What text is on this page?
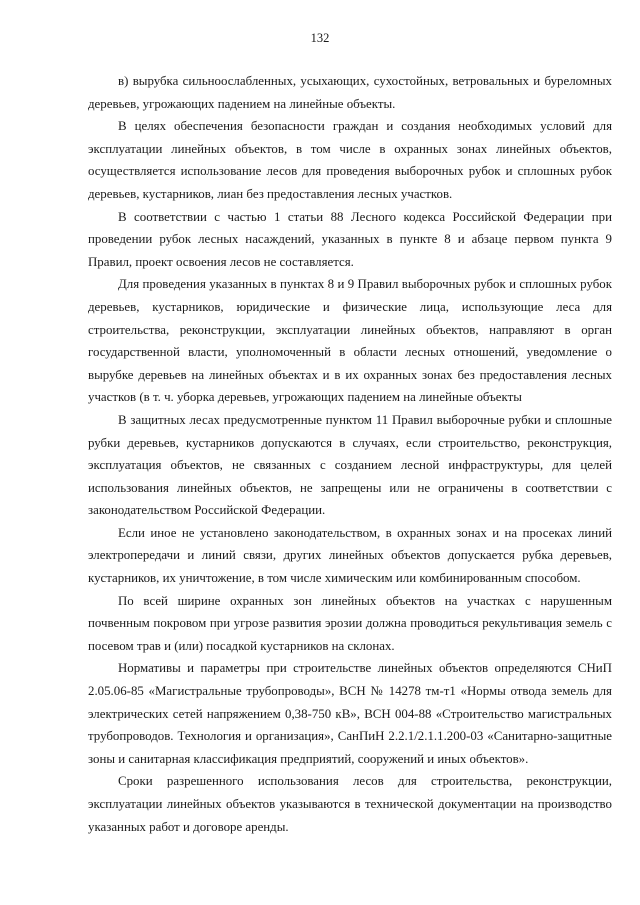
132

в) вырубка сильноослабленных, усыхающих, сухостойных, ветровальных и буреломных деревьев, угрожающих падением на линейные объекты.

В целях обеспечения безопасности граждан и создания необходимых условий для эксплуатации линейных объектов, в том числе в охранных зонах линейных объектов, осуществляется использование лесов для проведения выборочных рубок и сплошных рубок деревьев, кустарников, лиан без предоставления лесных участков.

В соответствии с частью 1 статьи 88 Лесного кодекса Российской Федерации при проведении рубок лесных насаждений, указанных в пункте 8 и абзаце первом пункта 9 Правил, проект освоения лесов не составляется.

Для проведения указанных в пунктах 8 и 9 Правил выборочных рубок и сплошных рубок деревьев, кустарников, юридические и физические лица, использующие леса для строительства, реконструкции, эксплуатации линейных объектов, направляют в орган государственной власти, уполномоченный в области лесных отношений, уведомление о вырубке деревьев на линейных объектах и в их охранных зонах без предоставления лесных участков (в т. ч. уборка деревьев, угрожающих падением на линейные объекты

В защитных лесах предусмотренные пунктом 11 Правил выборочные рубки и сплошные рубки деревьев, кустарников допускаются в случаях, если строительство, реконструкция, эксплуатация объектов, не связанных с созданием лесной инфраструктуры, для целей использования линейных объектов, не запрещены или не ограничены в соответствии с законодательством Российской Федерации.

Если иное не установлено законодательством, в охранных зонах и на просеках линий электропередачи и линий связи, других линейных объектов допускается рубка деревьев, кустарников, их уничтожение, в том числе химическим или комбинированным способом.

По всей ширине охранных зон линейных объектов на участках с нарушенным почвенным покровом при угрозе развития эрозии должна проводиться рекультивация земель с посевом трав и (или) посадкой кустарников на склонах.

Нормативы и параметры при строительстве линейных объектов определяются СНиП 2.05.06-85 «Магистральные трубопроводы», ВСН № 14278 тм-т1 «Нормы отвода земель для электрических сетей напряжением 0,38-750 кВ», ВСН 004-88 «Строительство магистральных трубопроводов. Технология и организация», СанПиН 2.2.1/2.1.1.200-03 «Санитарно-защитные зоны и санитарная классификация предприятий, сооружений и иных объектов».

Сроки разрешенного использования лесов для строительства, реконструкции, эксплуатации линейных объектов указываются в технической документации на производство указанных работ и договоре аренды.
